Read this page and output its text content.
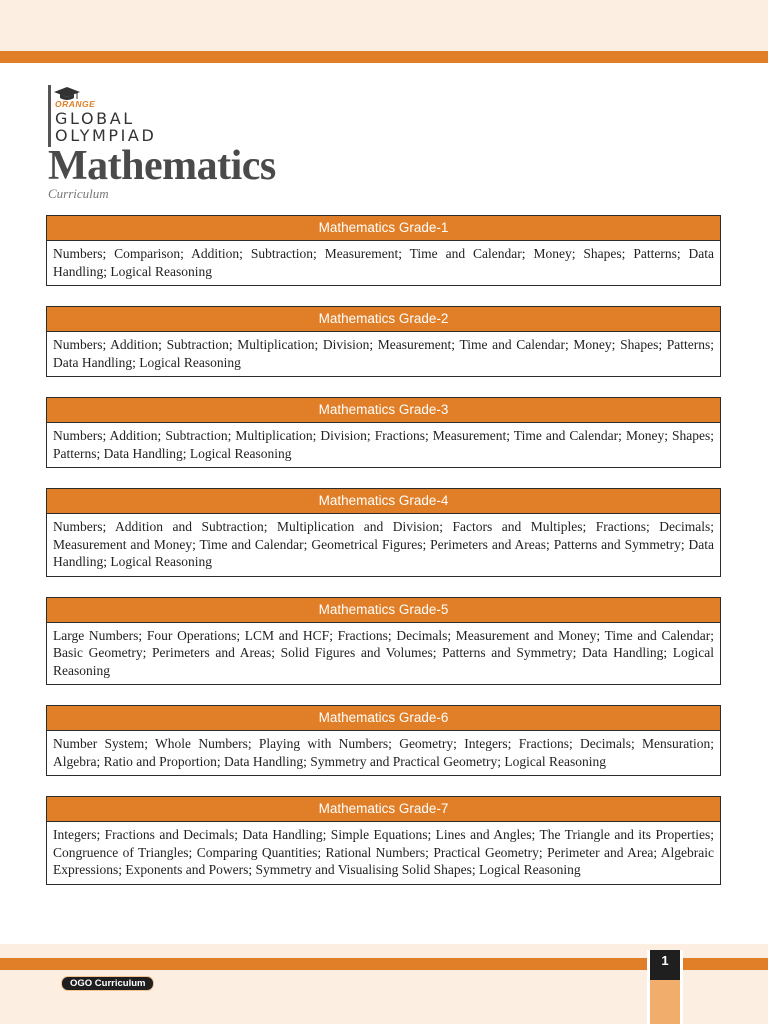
ORANGE
GLOBAL
OLYMPIAD
Mathematics
Curriculum
Mathematics Grade-1
Numbers; Comparison; Addition; Subtraction; Measurement; Time and Calendar; Money; Shapes; Patterns; Data Handling; Logical Reasoning
Mathematics Grade-2
Numbers; Addition; Subtraction; Multiplication; Division; Measurement; Time and Calendar; Money; Shapes; Patterns; Data Handling; Logical Reasoning
Mathematics Grade-3
Numbers; Addition; Subtraction; Multiplication; Division; Fractions; Measurement; Time and Calendar; Money; Shapes; Patterns; Data Handling; Logical Reasoning
Mathematics Grade-4
Numbers; Addition and Subtraction; Multiplication and Division; Factors and Multiples; Fractions; Decimals; Measurement and Money; Time and Calendar; Geometrical Figures; Perimeters and Areas; Patterns and Symmetry; Data Handling; Logical Reasoning
Mathematics Grade-5
Large Numbers; Four Operations; LCM and HCF; Fractions; Decimals; Measurement and Money; Time and Calendar; Basic Geometry; Perimeters and Areas; Solid Figures and Volumes; Patterns and Symmetry; Data Handling; Logical Reasoning
Mathematics Grade-6
Number System; Whole Numbers; Playing with Numbers; Geometry; Integers; Fractions; Decimals; Mensuration; Algebra; Ratio and Proportion; Data Handling; Symmetry and Practical Geometry; Logical Reasoning
Mathematics Grade-7
Integers; Fractions and Decimals; Data Handling; Simple Equations; Lines and Angles; The Triangle and its Properties; Congruence of Triangles; Comparing Quantities; Rational Numbers; Practical Geometry; Perimeter and Area; Algebraic Expressions; Exponents and Powers; Symmetry and Visualising Solid Shapes; Logical Reasoning
1
OGO Curriculum
